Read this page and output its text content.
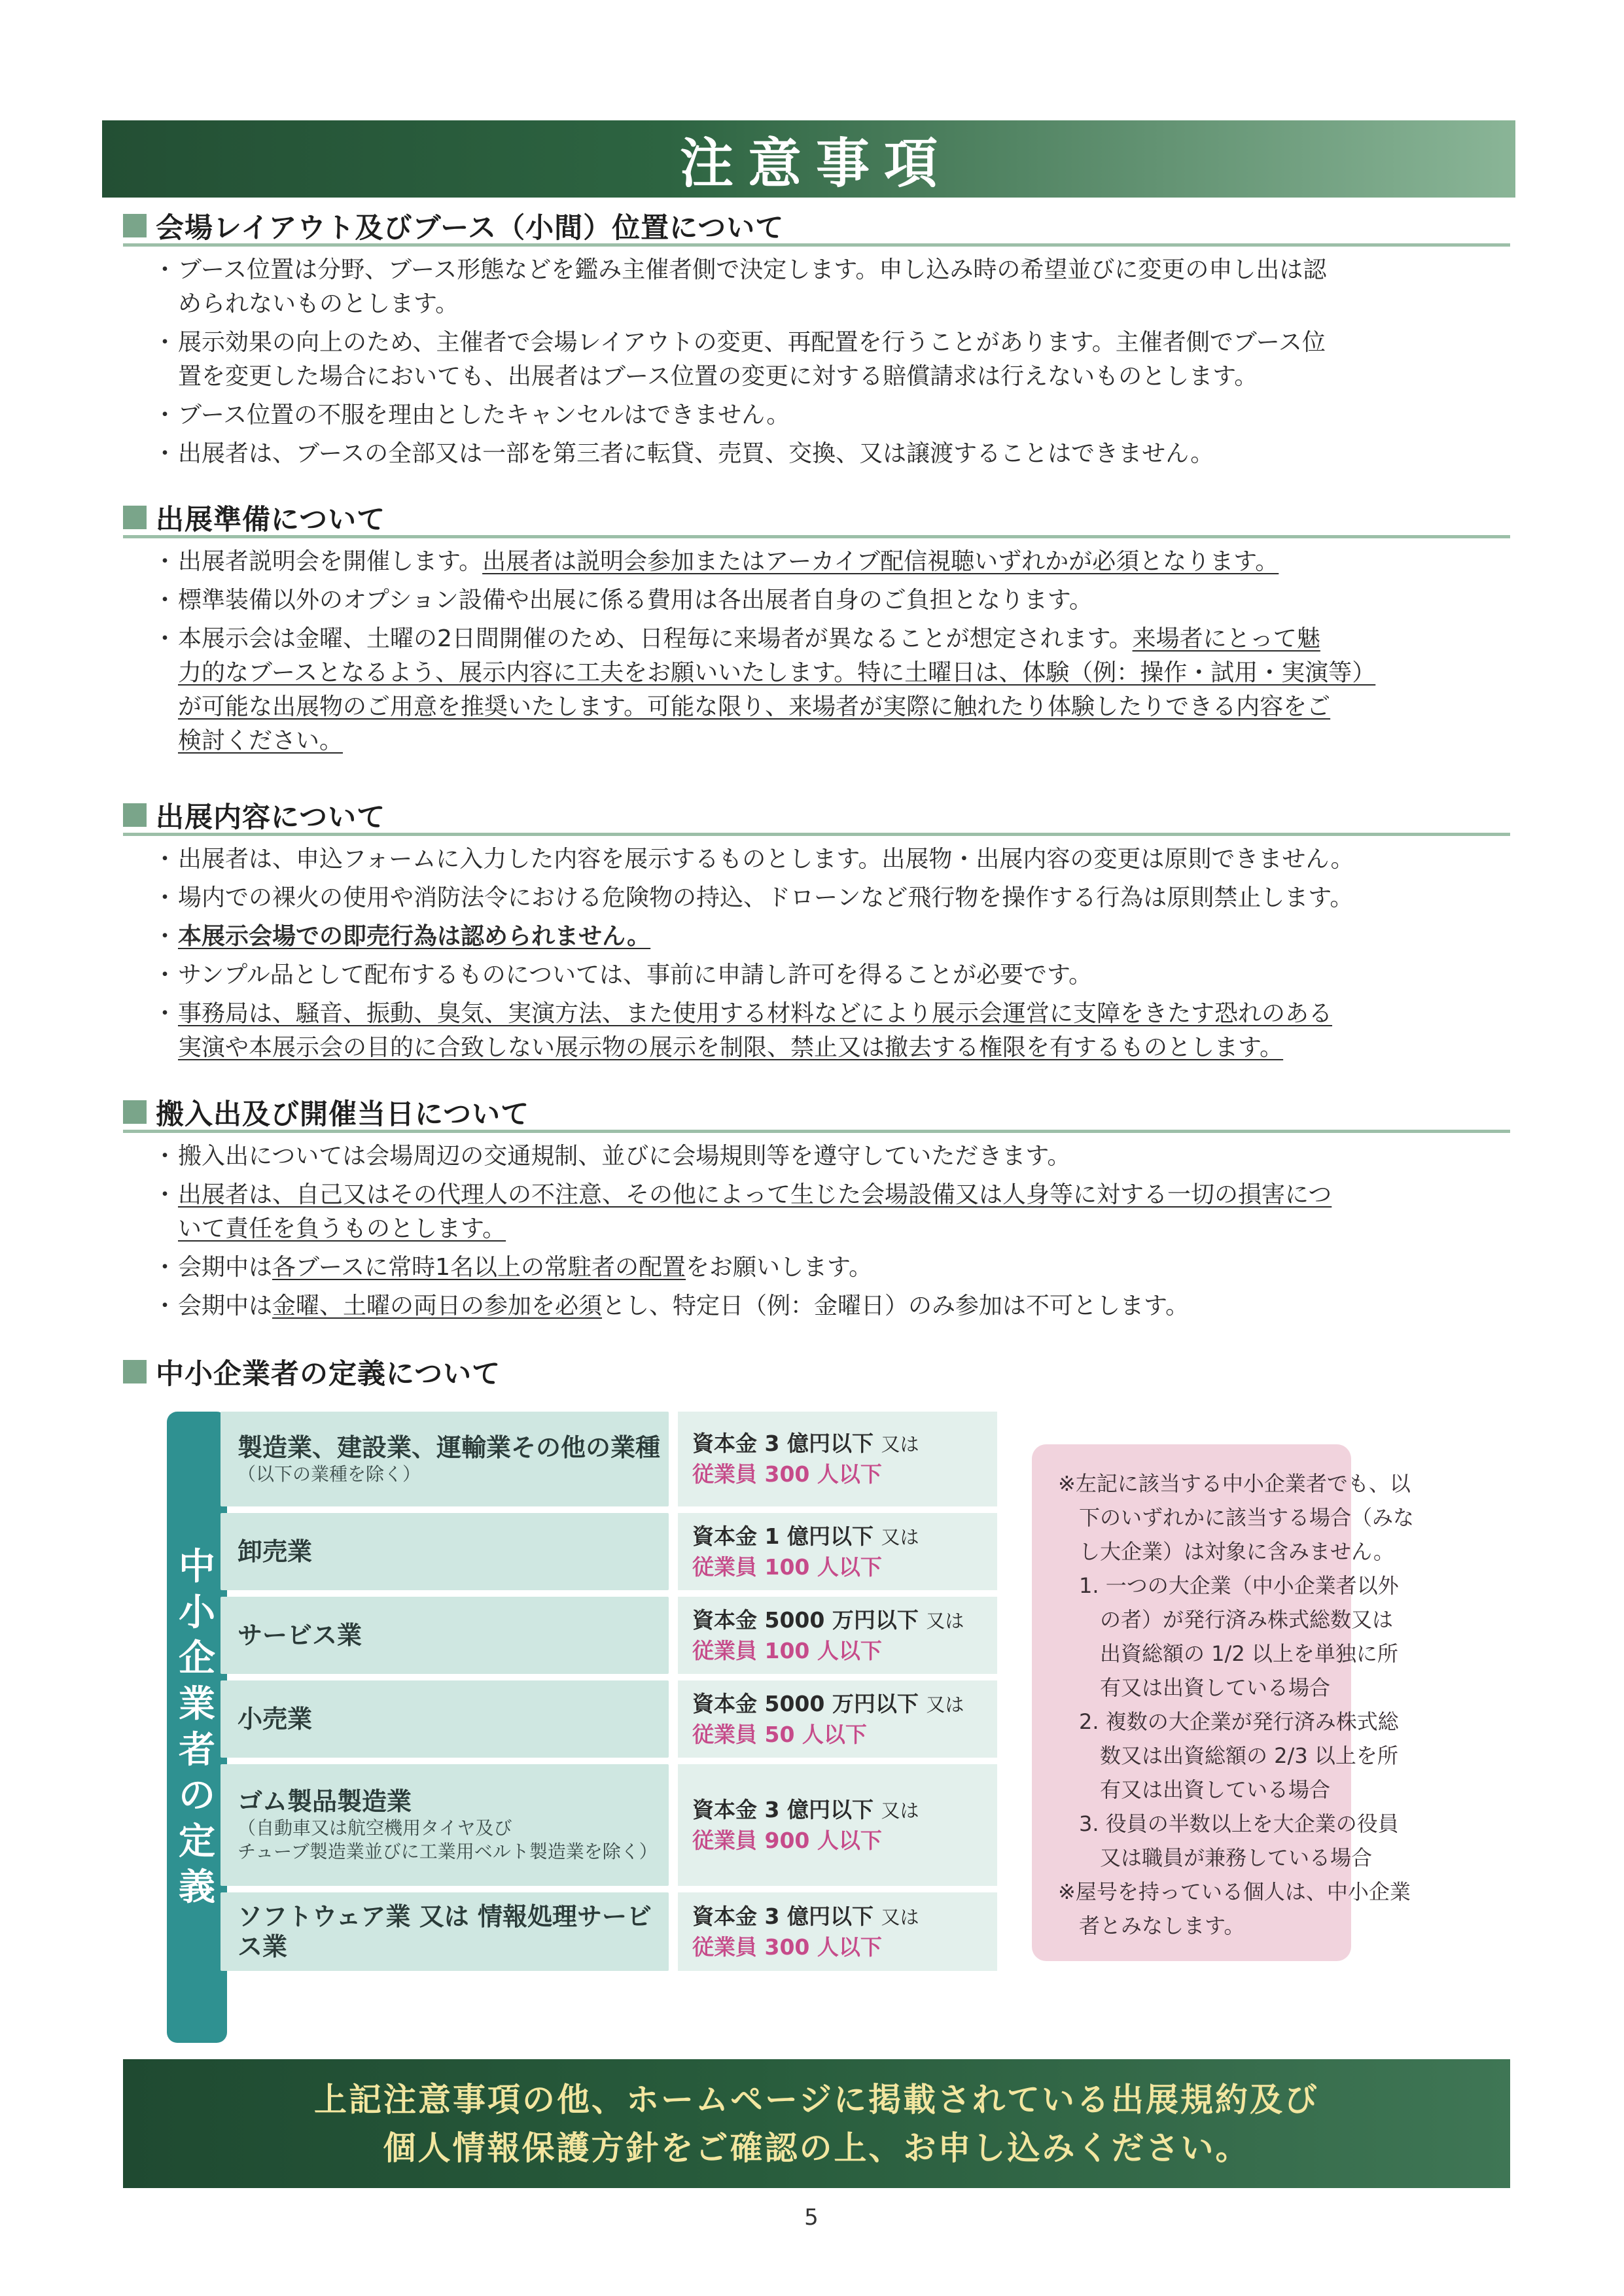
注意事項
会場レイアウト及びブース（小間）位置について
・ ブース位置は分野、ブース形態などを鑑み主催者側で決定します。申し込み時の希望並びに変更の申し出は認
められないものとします。
・ 展示効果の向上のため、主催者で会場レイアウトの変更、再配置を行うことがあります。主催者側でブース位
置を変更した場合においても、出展者はブース位置の変更に対する賠償請求は行えないものとします。
・ ブース位置の不服を理由としたキャンセルはできません。
・ 出展者は、ブースの全部又は一部を第三者に転貸、売買、交換、又は譲渡することはできません。
出展準備について
・ 出展者説明会を開催します。出展者は説明会参加またはアーカイブ配信視聴いずれかが必須となります。
・ 標準装備以外のオプション設備や出展に係る費用は各出展者自身のご負担となります。
・ 本展示会は金曜、土曜の2日間開催のため、日程毎に来場者が異なることが想定されます。来場者にとって魅
力的なブースとなるよう、展示内容に工夫をお願いいたします。特に土曜日は、体験（例：操作・試用・実演等）
が可能な出展物のご用意を推奨いたします。可能な限り、来場者が実際に触れたり体験したりできる内容をご
検討ください。
出展内容について
・ 出展者は、申込フォームに入力した内容を展示するものとします。出展物・出展内容の変更は原則できません。
・ 場内での裸火の使用や消防法令における危険物の持込、ドローンなど飛行物を操作する行為は原則禁止します。
・ 本展示会場での即売行為は認められません。
・ サンプル品として配布するものについては、事前に申請し許可を得ることが必要です。
・ 事務局は、騒音、振動、臭気、実演方法、また使用する材料などにより展示会運営に支障をきたす恐れのある
実演や本展示会の目的に合致しない展示物の展示を制限、禁止又は撤去する権限を有するものとします。
搬入出及び開催当日について
・ 搬入出については会場周辺の交通規制、並びに会場規則等を遵守していただきます。
・ 出展者は、自己又はその代理人の不注意、その他によって生じた会場設備又は人身等に対する一切の損害につ
いて責任を負うものとします。
・ 会期中は各ブースに常時1名以上の常駐者の配置をお願いします。
・ 会期中は金曜、土曜の両日の参加を必須とし、特定日（例：金曜日）のみ参加は不可とします。
中小企業者の定義について
中
小
企
業
者
の
定
義
製造業、建設業、運輸業その他の業種
（以下の業種を除く）
資本金 3 億円以下 又は
従業員 300 人以下
卸売業
資本金 1 億円以下 又は
従業員 100 人以下
サービス業
資本金 5000 万円以下 又は
従業員 100 人以下
小売業
資本金 5000 万円以下 又は
従業員 50 人以下
ゴム製品製造業
（自動車又は航空機用タイヤ及び
チューブ製造業並びに工業用ベルト製造業を除く）
資本金 3 億円以下 又は
従業員 900 人以下
ソフトウェア業 又は 情報処理サービス業
資本金 3 億円以下 又は
従業員 300 人以下
※左記に該当する中小企業者でも、以
　下のいずれかに該当する場合（みな
　し大企業）は対象に含みません。
　1. 一つの大企業（中小企業者以外
　　の者）が発行済み株式総数又は
　　出資総額の 1/2 以上を単独に所
　　有又は出資している場合
　2. 複数の大企業が発行済み株式総
　　数又は出資総額の 2/3 以上を所
　　有又は出資している場合
　3. 役員の半数以上を大企業の役員
　　又は職員が兼務している場合
※屋号を持っている個人は、中小企業
　者とみなします。
上記注意事項の他、ホームページに掲載されている出展規約及び
個人情報保護方針をご確認の上、お申し込みください。
5
